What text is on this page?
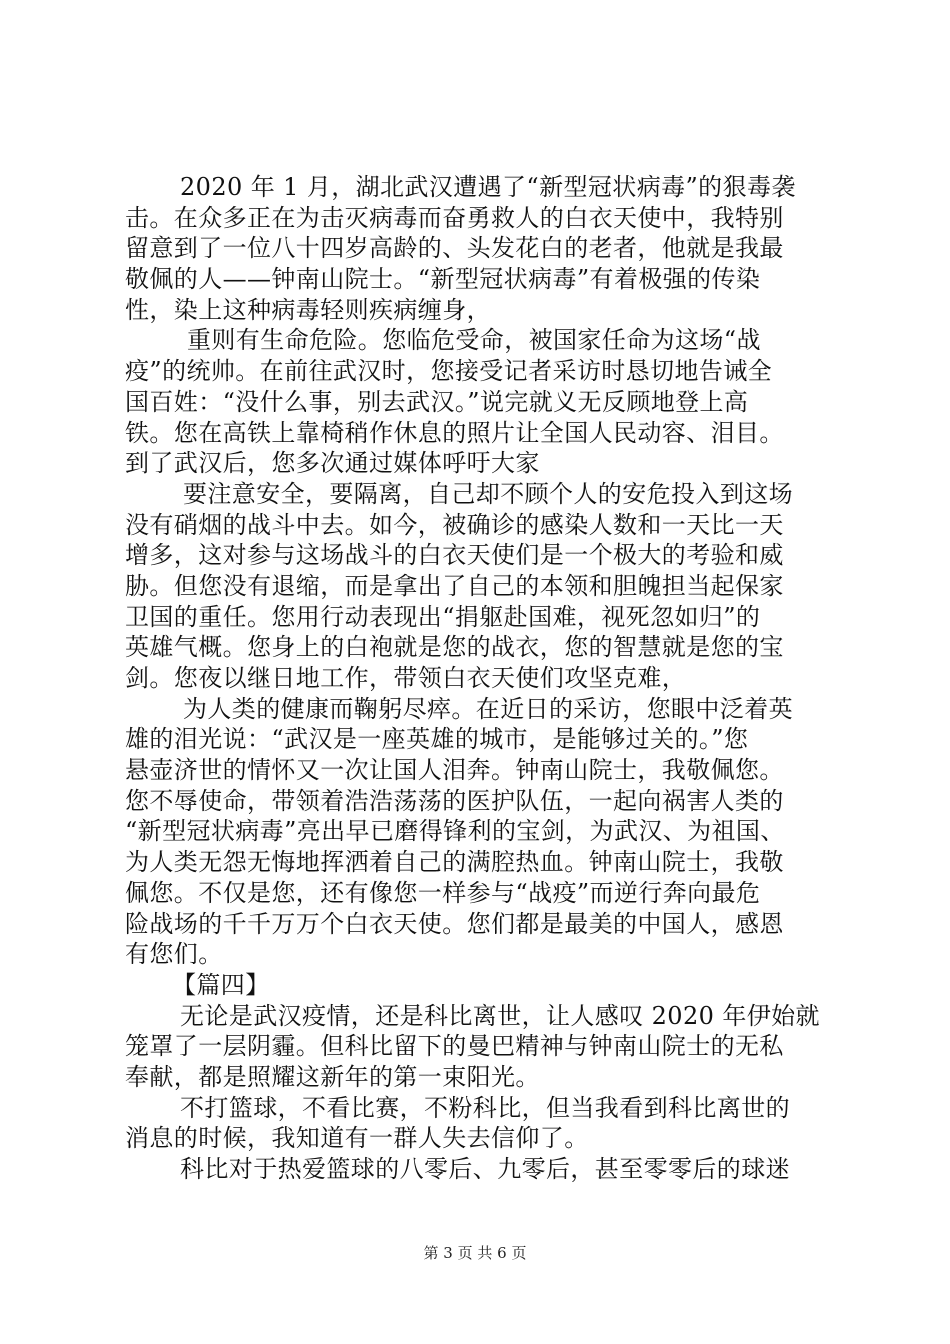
2020 年 1 月，湖北武汉遭遇了“新型冠状病毒”的狠毒袭
击。在众多正在为击灭病毒而奋勇救人的白衣天使中，我特别
留意到了一位八十四岁高龄的、头发花白的老者，他就是我最
敬佩的人——钟南山院士。“新型冠状病毒”有着极强的传染
性，染上这种病毒轻则疾病缠身，
重则有生命危险。您临危受命，被国家任命为这场“战
疫”的统帅。在前往武汉时，您接受记者采访时恳切地告诫全
国百姓：“没什么事，别去武汉。”说完就义无反顾地登上高
铁。您在高铁上靠椅稍作休息的照片让全国人民动容、泪目。
到了武汉后，您多次通过媒体呼吁大家
要注意安全，要隔离，自己却不顾个人的安危投入到这场
没有硝烟的战斗中去。如今，被确诊的感染人数和一天比一天
增多，这对参与这场战斗的白衣天使们是一个极大的考验和威
胁。但您没有退缩，而是拿出了自己的本领和胆魄担当起保家
卫国的重任。您用行动表现出“捐躯赴国难，视死忽如归”的
英雄气概。您身上的白袍就是您的战衣，您的智慧就是您的宝
剑。您夜以继日地工作，带领白衣天使们攻坚克难，
为人类的健康而鞠躬尽瘁。在近日的采访，您眼中泛着英
雄的泪光说：“武汉是一座英雄的城市，是能够过关的。”您
悬壶济世的情怀又一次让国人泪奔。钟南山院士，我敬佩您。
您不辱使命，带领着浩浩荡荡的医护队伍，一起向祸害人类的
“新型冠状病毒”亮出早已磨得锋利的宝剑，为武汉、为祖国、
为人类无怨无悔地挥洒着自己的满腔热血。钟南山院士，我敬
佩您。不仅是您，还有像您一样参与“战疫”而逆行奔向最危
险战场的千千万万个白衣天使。您们都是最美的中国人，感恩
有您们。
【篇四】
无论是武汉疫情，还是科比离世，让人感叹 2020 年伊始就
笼罩了一层阴霾。但科比留下的曼巴精神与钟南山院士的无私
奉献，都是照耀这新年的第一束阳光。
不打篮球，不看比赛，不粉科比，但当我看到科比离世的
消息的时候，我知道有一群人失去信仰了。
科比对于热爱篮球的八零后、九零后，甚至零零后的球迷
第 3 页 共 6 页
